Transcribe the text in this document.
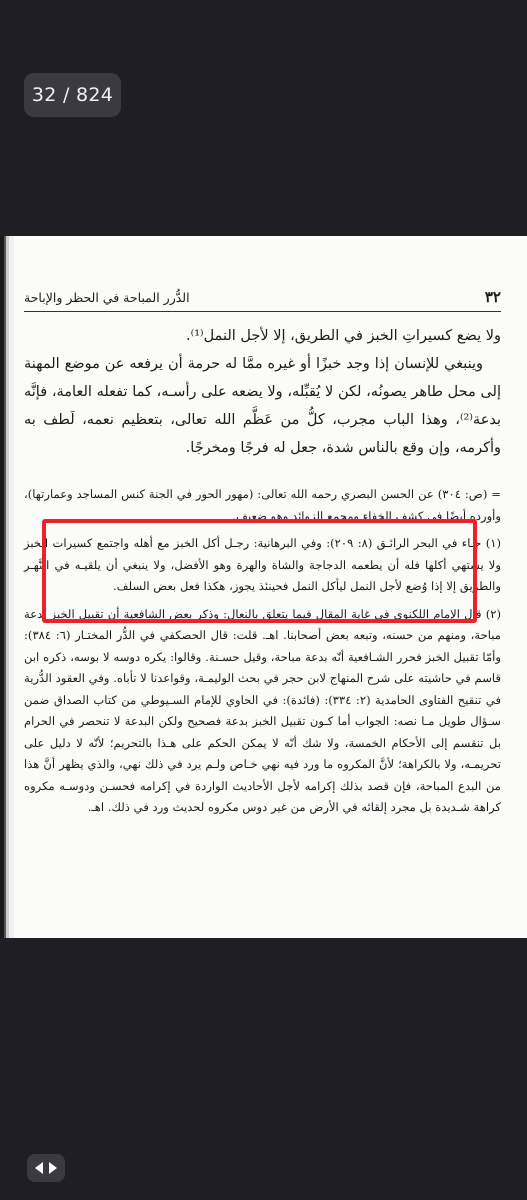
32 / 824
٣٢
الدُّرر المباحة في الحظر والإباحة

ولا يضع كسيراتِ الخبز في الطريق، إلا لأجل النمل⁽¹⁾.

وينبغي للإنسان إذا وجد خبزًا أو غيره ممَّا له حرمة أن يرفعه عن موضع المهنة إلى محل طاهر يصونُه، لكن لا يُقبِّله، ولا يضعه على رأسـه، كما تفعله العامة، فإنَّه بدعة⁽²⁾، وهذا الباب مجرب، كلُّ من عَظَّم الله تعالى، بتعظيم نعمه، لَطف به وأكرمه، وإن وقع بالناس شدة، جعل له فرجًا ومخرجًا.

= (ص: ٣٠٤) عن الحسن البصري رحمه الله تعالى: (مهور الحور في الجنة كنس المساجد وعمارتها)، وأورده أيضًا في كشف الخفاء ومجمع الزوائد وهو ضعيف.

(١) جـاء في البحر الرائـق (٨: ٢٠٩): وفي البرهانية: رجـل أكل الخبز مع أهله واجتمع كسيرات الخبز ولا يشتهي أكلها فله أن يطعمه الدجاجة والشاة والهرة وهو الأفضل، ولا ينبغي أن يلقيـه في النَّهـر والطريق إلا إذا وُضع لأجل النمل ليأكل النمل فحينئذ يجوز، هكذا فعل بعض السلف.

(٢) قال الإمام اللكنوي في غاية المقال فيما يتعلق بالنعال: وذكر بعض الشافعية أن تقبيل الخبز بدعة مباحة، ومنهم من حسنه، وتبعه بعض أصحابنا. اهـ. قلت: قال الحصكفي في الدُّر المختـار (٦: ٣٨٤): وأمّا تقبيل الخبز فحرر الشـافعية أنّه بدعة مباحة، وقيل حسـنة. وقالوا: يكره دوسه لا بوسه، ذكره ابن قاسم في حاشيته على شرح المنهاج لابن حجر في بحث الوليمـة، وقواعدنا لا تأباه. وفي العقود الدُّرية في تنقيح الفتاوى الحامدية (٢: ٣٣٤): (فائدة): في الحاوي للإمام السـيوطي من كتاب الصداق ضمن سـؤال طويل مـا نصه: الجواب أما كـون تقبيل الخبز بدعة فصحيح ولكن البدعة لا تنحصر في الحرام بل تنقسم إلى الأحكام الخمسة، ولا شك أنّه لا يمكن الحكم على هـذا بالتحريم؛ لأنّه لا دليل على تحريمـه، ولا بالكراهة؛ لأنَّ المكروه ما ورد فيه نهي خـاص ولـم يرد في ذلك نهي، والذي يظهر أنَّ هذا من البدع المباحة، فإن قصد بذلك إكرامه لأجل الأحاديث الواردة في إكرامه فحسـن ودوسـه مكروه كراهة شـديدة بل مجرد إلقائه في الأرض من غير دوس مكروه لحديث ورد في ذلك. اهـ.
